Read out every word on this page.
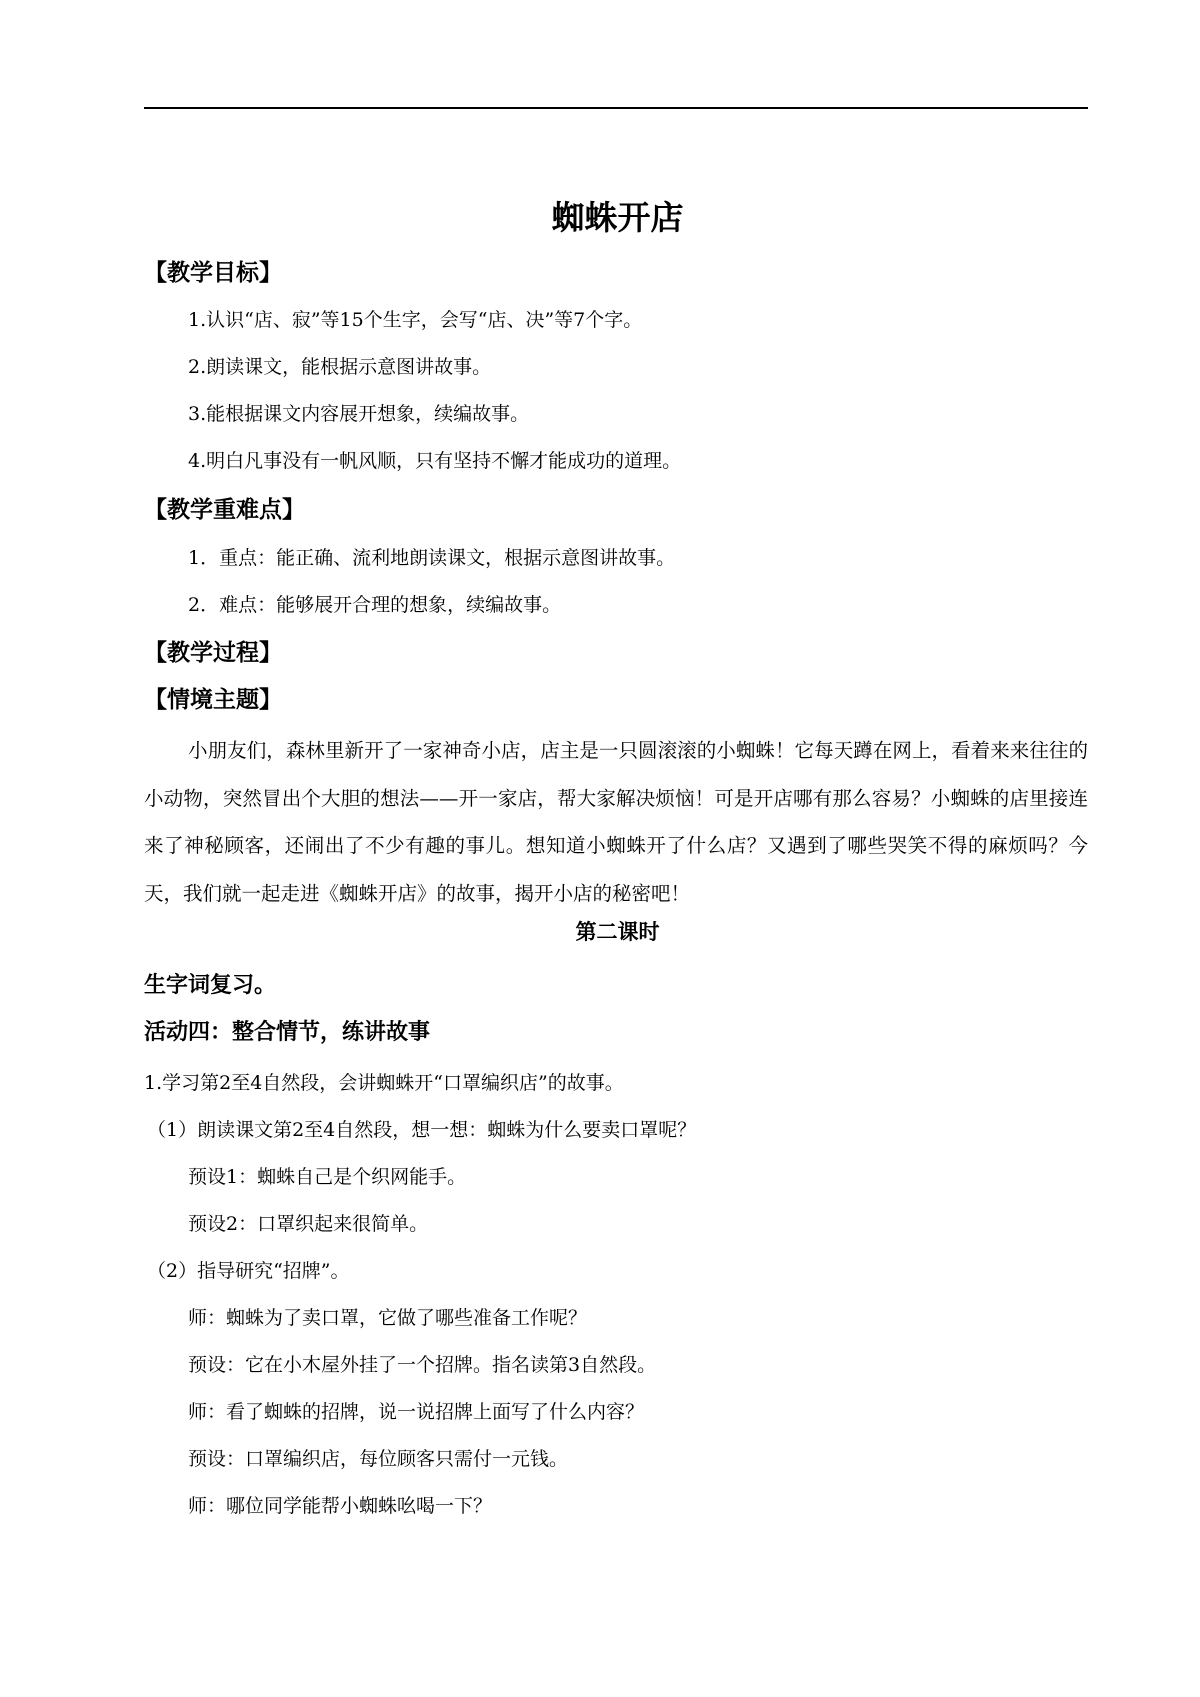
蜘蛛开店
【教学目标】
1.认识“店、寂”等15个生字，会写“店、决”等7个字。
2.朗读课文，能根据示意图讲故事。
3.能根据课文内容展开想象，续编故事。
4.明白凡事没有一帆风顺，只有坚持不懈才能成功的道理。
【教学重难点】
1．重点：能正确、流利地朗读课文，根据示意图讲故事。
2．难点：能够展开合理的想象，续编故事。
【教学过程】
【情境主题】

小朋友们，森林里新开了一家神奇小店，店主是一只圆滚滚的小蜘蛛！它每天蹲在网上，看着来来往往的小动物，突然冒出个大胆的想法——开一家店，帮大家解决烦恼！可是开店哪有那么容易？小蜘蛛的店里接连来了神秘顾客，还闹出了不少有趣的事儿。想知道小蜘蛛开了什么店？又遇到了哪些哭笑不得的麻烦吗？今天，我们就一起走进《蜘蛛开店》的故事，揭开小店的秘密吧！

第二课时
生字词复习。
活动四：整合情节，练讲故事
1.学习第2至4自然段，会讲蜘蛛开“口罩编织店”的故事。
（1）朗读课文第2至4自然段，想一想：蜘蛛为什么要卖口罩呢？
预设1：蜘蛛自己是个织网能手。
预设2：口罩织起来很简单。
（2）指导研究“招牌”。
师：蜘蛛为了卖口罩，它做了哪些准备工作呢？
预设：它在小木屋外挂了一个招牌。指名读第3自然段。
师：看了蜘蛛的招牌，说一说招牌上面写了什么内容？
预设：口罩编织店，每位顾客只需付一元钱。
师：哪位同学能帮小蜘蛛吆喝一下？
